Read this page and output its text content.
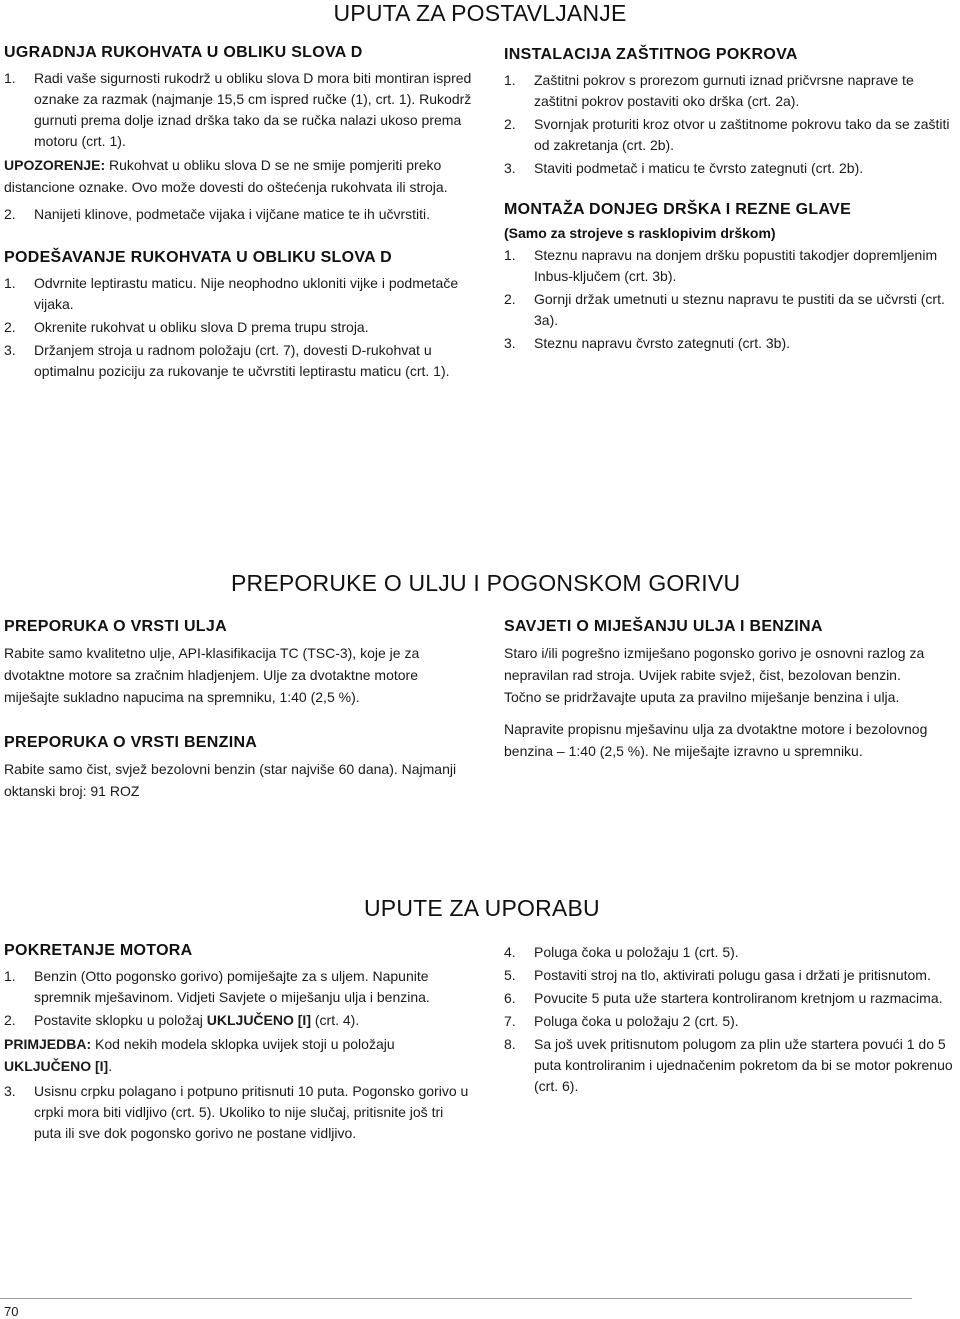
UPUTA ZA POSTAVLJANJE
UGRADNJA RUKOHVATA U OBLIKU SLOVA D
1.	Radi vaše sigurnosti rukodrž u obliku slova D mora biti montiran ispred oznake za razmak (najmanje 15,5 cm ispred ručke (1), crt. 1). Rukodrž gurnuti prema dolje iznad drška tako da se ručka nalazi ukoso prema motoru (crt. 1).

UPOZORENJE: Rukohvat u obliku slova D se ne smije pomjeriti preko distancione oznake. Ovo može dovesti do oštećenja rukohvata ili stroja.

2.	Nanijeti klinove, podmetače vijaka i vijčane matice te ih učvrstiti.
PODEŠAVANJE RUKOHVATA U OBLIKU SLOVA D
1.	Odvrnite leptirastu maticu. Nije neophodno ukloniti vijke i podmetače vijaka.
2.	Okrenite rukohvat u obliku slova D prema trupu stroja.
3.	Držanjem stroja u radnom položaju (crt. 7), dovesti D-rukohvat u optimalnu poziciju za rukovanje te učvrstiti leptirastu maticu (crt. 1).
INSTALACIJA ZAŠTITNOG POKROVA
1.	Zaštitni pokrov s prorezom gurnuti iznad pričvrsne naprave te zaštitni pokrov postaviti oko drška (crt. 2a).
2.	Svornjak proturiti kroz otvor u zaštitnome pokrovu tako da se zaštiti od zakretanja (crt. 2b).
3.	Staviti podmetač i maticu te čvrsto zategnuti (crt. 2b).
MONTAŽA DONJEG DRŠKA I REZNE GLAVE
(Samo za strojeve s rasklopivim drškom)
1.	Steznu napravu na donjem dršku popustiti takodjer dopremljenim Inbus-ključem (crt. 3b).
2.	Gornji držak umetnuti u steznu napravu te pustiti da se učvrsti (crt. 3a).
3.	Steznu napravu čvrsto zategnuti (crt. 3b).
PREPORUKE O ULJU I POGONSKOM GORIVU
PREPORUKA O VRSTI ULJA

Rabite samo kvalitetno ulje, API-klasifikacija TC (TSC-3), koje je za dvotaktne motore sa zračnim hladjenjem. Ulje za dvotaktne motore miješajte sukladno napucima na spremniku, 1:40 (2,5 %).

PREPORUKA O VRSTI BENZINA

Rabite samo čist, svjež bezolovni benzin (star najviše 60 dana). Najmanji oktanski broj: 91 ROZ

SAVJETI O MIJEŠANJU ULJA I BENZINA

Staro i/ili pogrešno izmiješano pogonsko gorivo je osnovni razlog za nepravilan rad stroja. Uvijek rabite svjež, čist, bezolovan benzin. Točno se pridržavajte uputa za pravilno miješanje benzina i ulja.

Napravite propisnu mješavinu ulja za dvotaktne motore i bezolovnog benzina – 1:40 (2,5 %). Ne miješajte izravno u spremniku.

UPUTE ZA UPORABU
POKRETANJE MOTORA
1.	Benzin (Otto pogonsko gorivo) pomiješajte za s uljem. Napunite spremnik mješavinom. Vidjeti Savjete o miješanju ulja i benzina.
2.	Postavite sklopku u položaj UKLJUČENO [I] (crt. 4).

PRIMJEDBA: Kod nekih modela sklopka uvijek stoji u položaju UKLJUČENO [I].

3.	Usisnu crpku polagano i potpuno pritisnuti 10 puta. Pogonsko gorivo u crpki mora biti vidljivo (crt. 5). Ukoliko to nije slučaj, pritisnite još tri puta ili sve dok pogonsko gorivo ne postane vidljivo.
4.	Poluga čoka u položaju 1 (crt. 5).
5.	Postaviti stroj na tlo, aktivirati polugu gasa i držati je pritisnutom.
6.	Povucite 5 puta uže startera kontroliranom kretnjom u razmacima.
7.	Poluga čoka u položaju 2 (crt. 5).
8.	Sa još uvek pritisnutom polugom za plin uže startera povući 1 do 5 puta kontroliranim i ujednačenim pokretom da bi se motor pokrenuo (crt. 6).
70
